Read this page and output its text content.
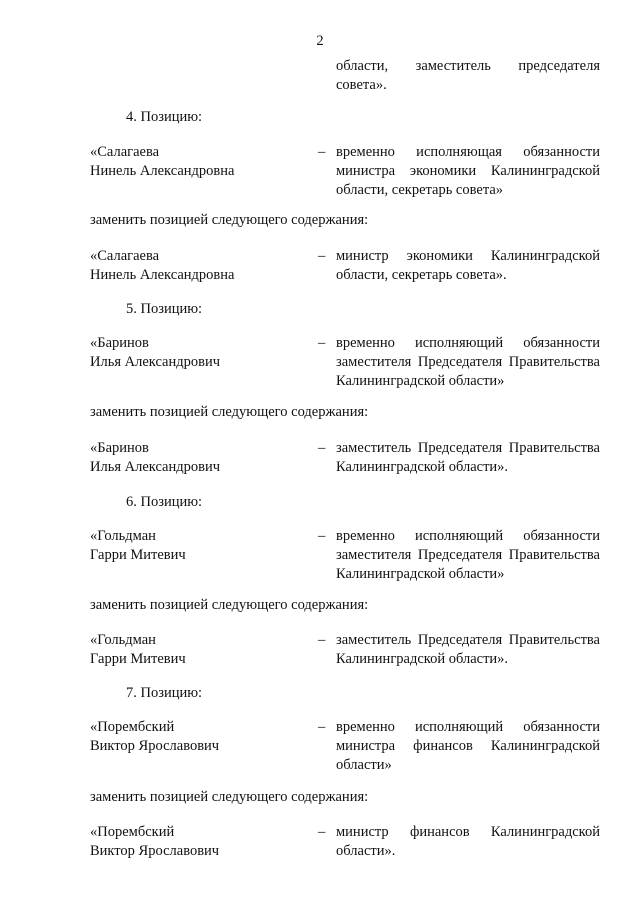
2
области, заместитель председателя
совета».
4. Позицию:
«Салагаева
Нинель Александровна
– временно исполняющая обязанности
министра экономики Калининградской
области, секретарь совета»
заменить позицией следующего содержания:
«Салагаева
Нинель Александровна
– министр экономики Калининградской
области, секретарь совета».
5. Позицию:
«Баринов
Илья Александрович
– временно исполняющий обязанности
заместителя Председателя Правительства
Калининградской области»
заменить позицией следующего содержания:
«Баринов
Илья Александрович
– заместитель Председателя Правительства
Калининградской области».
6. Позицию:
«Гольдман
Гарри Митевич
– временно исполняющий обязанности
заместителя Председателя Правительства
Калининградской области»
заменить позицией следующего содержания:
«Гольдман
Гарри Митевич
– заместитель Председателя Правительства
Калининградской области».
7. Позицию:
«Порембский
Виктор Ярославович
– временно исполняющий обязанности
министра финансов Калининградской
области»
заменить позицией следующего содержания:
«Порембский
Виктор Ярославович
– министр финансов Калининградской
области».
